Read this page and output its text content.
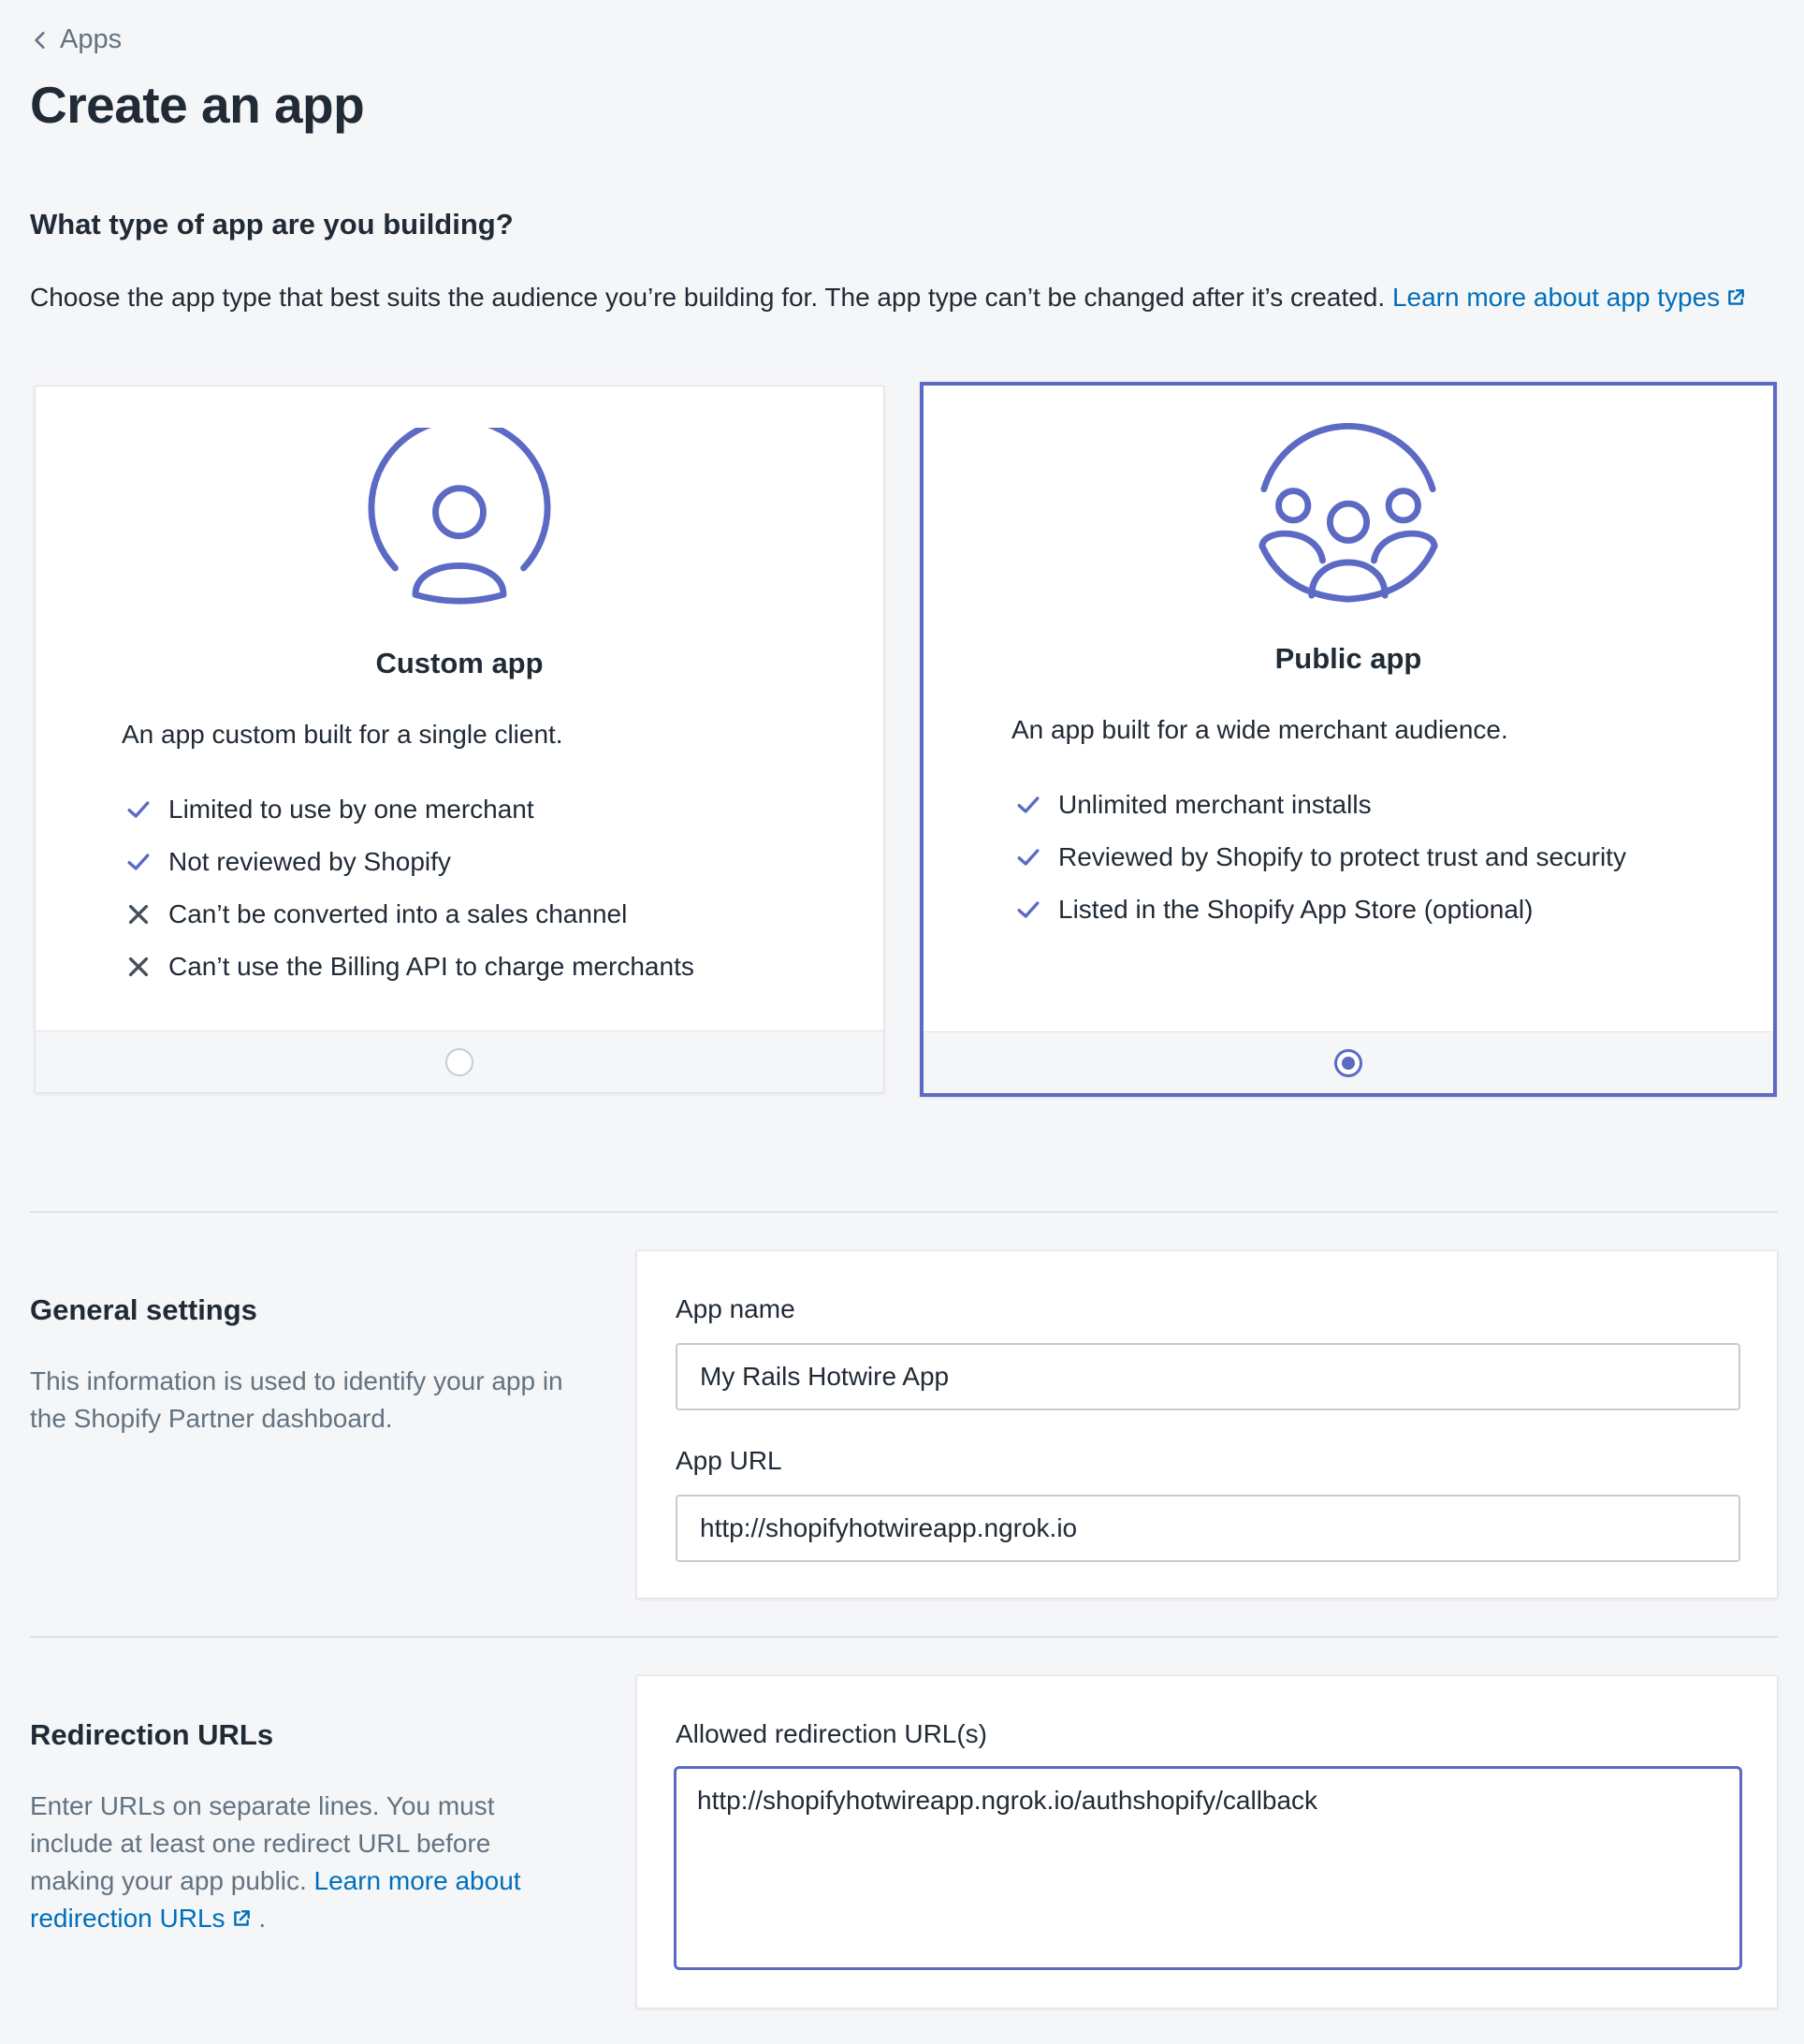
Apps
Create an app
What type of app are you building?

Choose the app type that best suits the audience you’re building for. The app type can’t be changed after it’s created. Learn more about app types

Custom app
An app custom built for a single client.
Limited to use by one merchant
Not reviewed by Shopify
Can’t be converted into a sales channel
Can’t use the Billing API to charge merchants
Public app
An app built for a wide merchant audience.
Unlimited merchant installs
Reviewed by Shopify to protect trust and security
Listed in the Shopify App Store (optional)
General settings

This information is used to identify your app in the Shopify Partner dashboard.

App name
My Rails Hotwire App
App URL
http://shopifyhotwireapp.ngrok.io
Redirection URLs

Enter URLs on separate lines. You must include at least one redirect URL before making your app public. Learn more about redirection URLs .

Allowed redirection URL(s)
http://shopifyhotwireapp.ngrok.io/authshopify/callback
